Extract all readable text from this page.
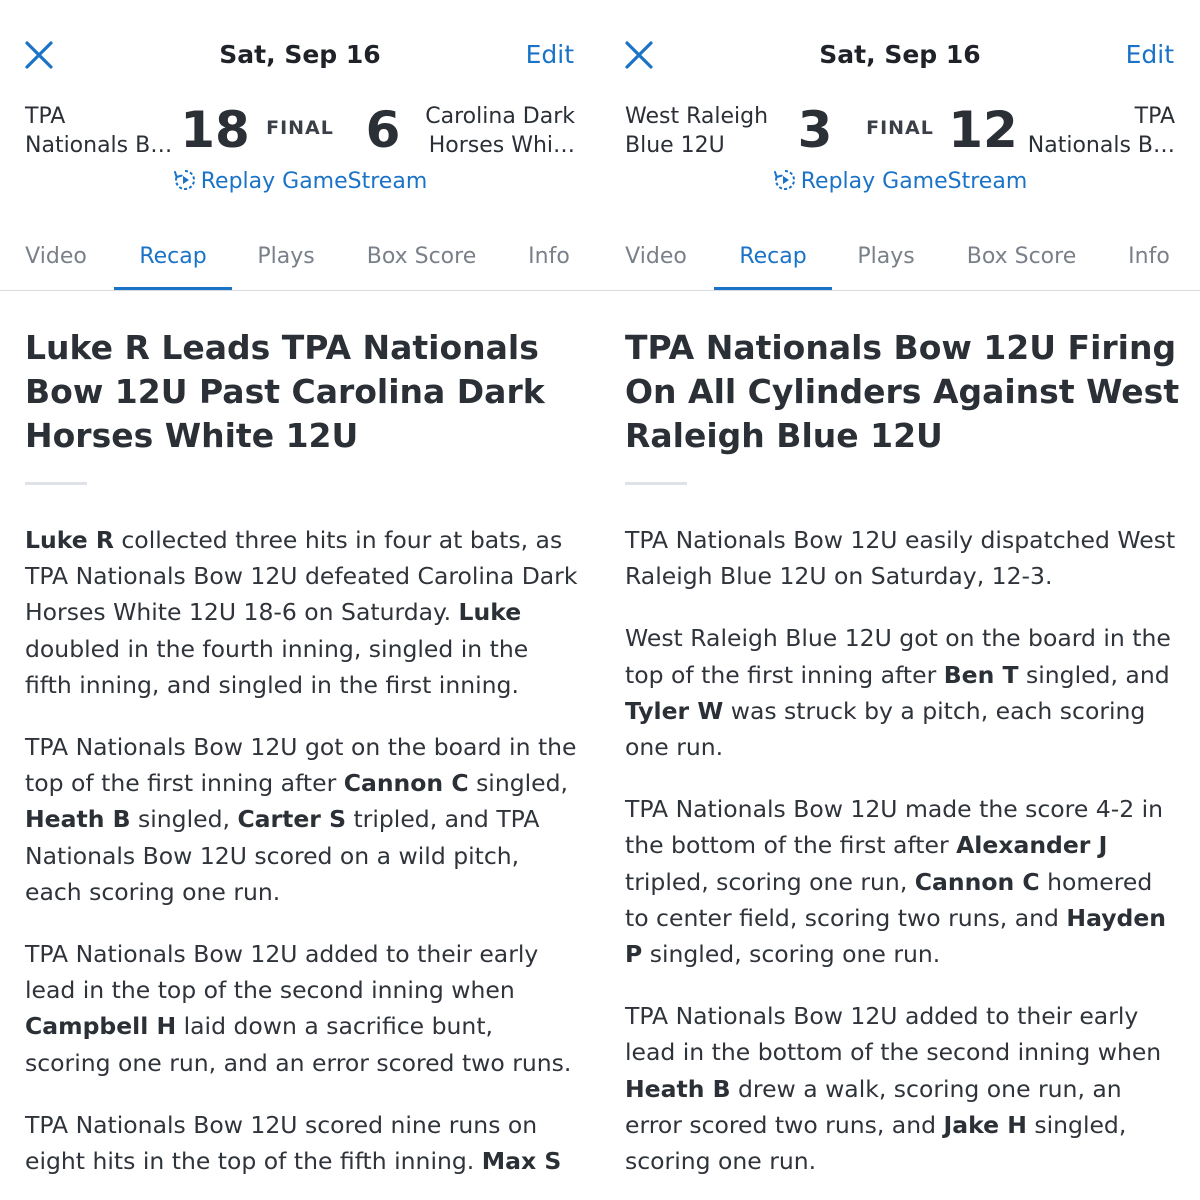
Sat, Sep 16	Edit
TPA
Nationals B… 18 FINAL 6	Carolina Dark
Horses Whi…
Replay GameStream
Video	Recap	Plays Box Score Info
Luke R Leads TPA Nationals Bow 12U Past Carolina Dark Horses White 12U

Luke R collected three hits in four at bats, as TPA Nationals Bow 12U defeated Carolina Dark Horses White 12U 18-6 on Saturday. Luke doubled in the fourth inning, singled in the fifth inning, and singled in the first inning.

TPA Nationals Bow 12U got on the board in the top of the first inning after Cannon C singled, Heath B singled, Carter S tripled, and TPA Nationals Bow 12U scored on a wild pitch, each scoring one run.

TPA Nationals Bow 12U added to their early lead in the top of the second inning when Campbell H laid down a sacrifice bunt, scoring one run, and an error scored two runs.

TPA Nationals Bow 12U scored nine runs on eight hits in the top of the fifth inning. Max S

Sat, Sep 16	Edit
West Raleigh
Blue 12U	3	FINAL 12	TPA
Nationals B…
Replay GameStream
Video	Recap	Plays Box Score Info
TPA Nationals Bow 12U Firing On All Cylinders Against West Raleigh Blue 12U

TPA Nationals Bow 12U easily dispatched West Raleigh Blue 12U on Saturday, 12-3.

West Raleigh Blue 12U got on the board in the top of the first inning after Ben T singled, and Tyler W was struck by a pitch, each scoring one run.

TPA Nationals Bow 12U made the score 4-2 in the bottom of the first after Alexander J tripled, scoring one run, Cannon C homered to center field, scoring two runs, and Hayden P singled, scoring one run.

TPA Nationals Bow 12U added to their early lead in the bottom of the second inning when Heath B drew a walk, scoring one run, an error scored two runs, and Jake H singled, scoring one run.
